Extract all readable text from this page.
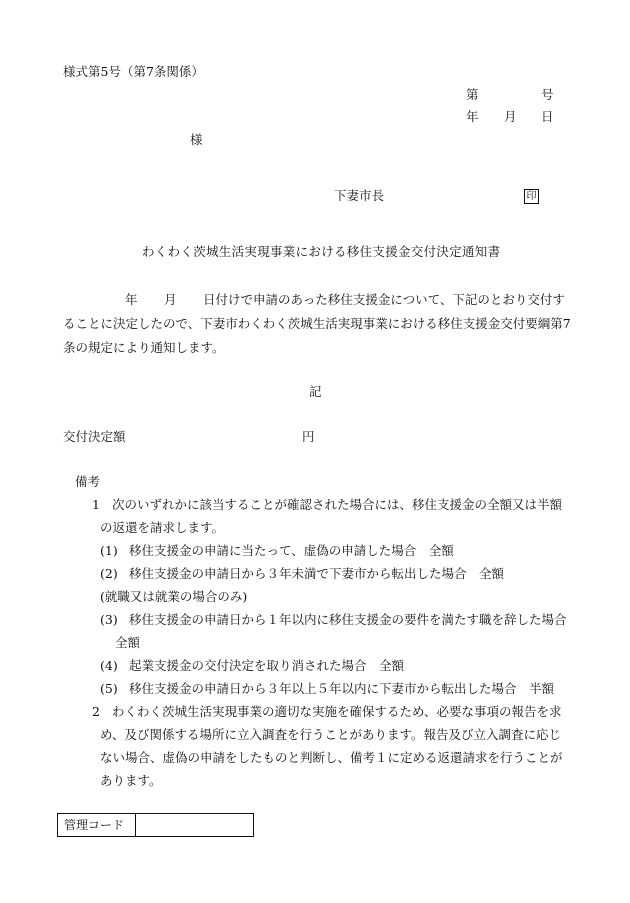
様式第5号（第7条関係）
第	号
年 月 日
様
下妻市長	印
わくわく茨城生活実現事業における移住支援金交付決定通知書
年 月 日付けで申請のあった移住支援金について、下記のとおり交付す
ることに決定したので、下妻市わくわく茨城生活実現事業における移住支援金交付要綱第7
条の規定により通知します。
記
交付決定額	円
備考
1 次のいずれかに該当することが確認された場合には、移住支援金の全額又は半額
の返還を請求します。
(1) 移住支援金の申請に当たって、虚偽の申請した場合　全額
(2) 移住支援金の申請日から３年未満で下妻市から転出した場合　全額
(就職又は就業の場合のみ)
(3) 移住支援金の申請日から１年以内に移住支援金の要件を満たす職を辞した場合
全額
(4) 起業支援金の交付決定を取り消された場合　全額
(5) 移住支援金の申請日から３年以上５年以内に下妻市から転出した場合　半額
2 わくわく茨城生活実現事業の適切な実施を確保するため、必要な事項の報告を求
め、及び関係する場所に立入調査を行うことがあります。報告及び立入調査に応じ
ない場合、虚偽の申請をしたものと判断し、備考１に定める返還請求を行うことが
あります。
管理コード
